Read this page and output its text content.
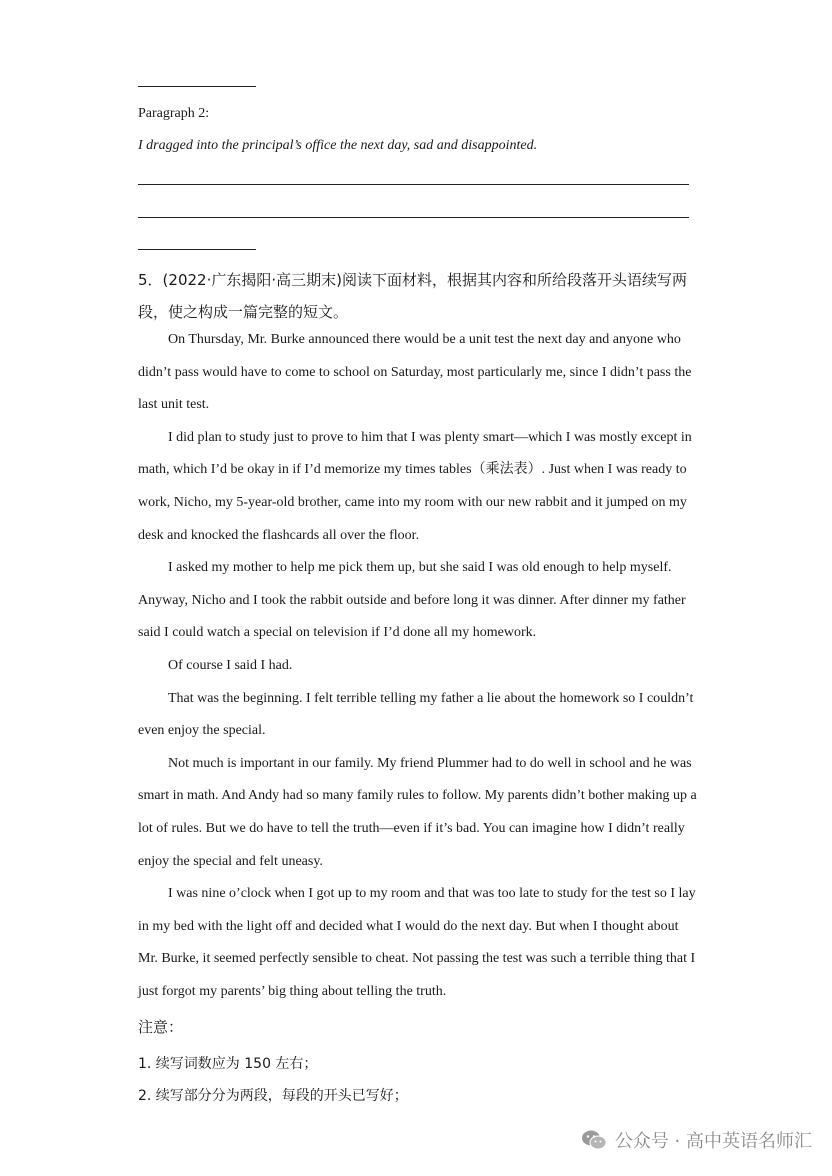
Paragraph 2:
I dragged into the principal’s office the next day, sad and disappointed.
5．(2022·广东揭阳·高三期末)阅读下面材料，根据其内容和所给段落开头语续写两段，使之构成一篇完整的短文。

On Thursday, Mr. Burke announced there would be a unit test the next day and anyone who didn’t pass would have to come to school on Saturday, most particularly me, since I didn’t pass the last unit test.

I did plan to study just to prove to him that I was plenty smart—which I was mostly except in math, which I’d be okay in if I’d memorize my times tables（乘法表）. Just when I was ready to work, Nicho, my 5-year-old brother, came into my room with our new rabbit and it jumped on my desk and knocked the flashcards all over the floor.

I asked my mother to help me pick them up, but she said I was old enough to help myself. Anyway, Nicho and I took the rabbit outside and before long it was dinner. After dinner my father said I could watch a special on television if I’d done all my homework.

Of course I said I had.

That was the beginning. I felt terrible telling my father a lie about the homework so I couldn’t even enjoy the special.

Not much is important in our family. My friend Plummer had to do well in school and he was smart in math. And Andy had so many family rules to follow. My parents didn’t bother making up a lot of rules. But we do have to tell the truth—even if it’s bad. You can imagine how I didn’t really enjoy the special and felt uneasy.

I was nine o’clock when I got up to my room and that was too late to study for the test so I lay in my bed with the light off and decided what I would do the next day. But when I thought about Mr. Burke, it seemed perfectly sensible to cheat. Not passing the test was such a terrible thing that I just forgot my parents’ big thing about telling the truth.

注意：
1. 续写词数应为 150 左右；
2. 续写部分分为两段，每段的开头已写好；
公众号 · 高中英语名师汇
